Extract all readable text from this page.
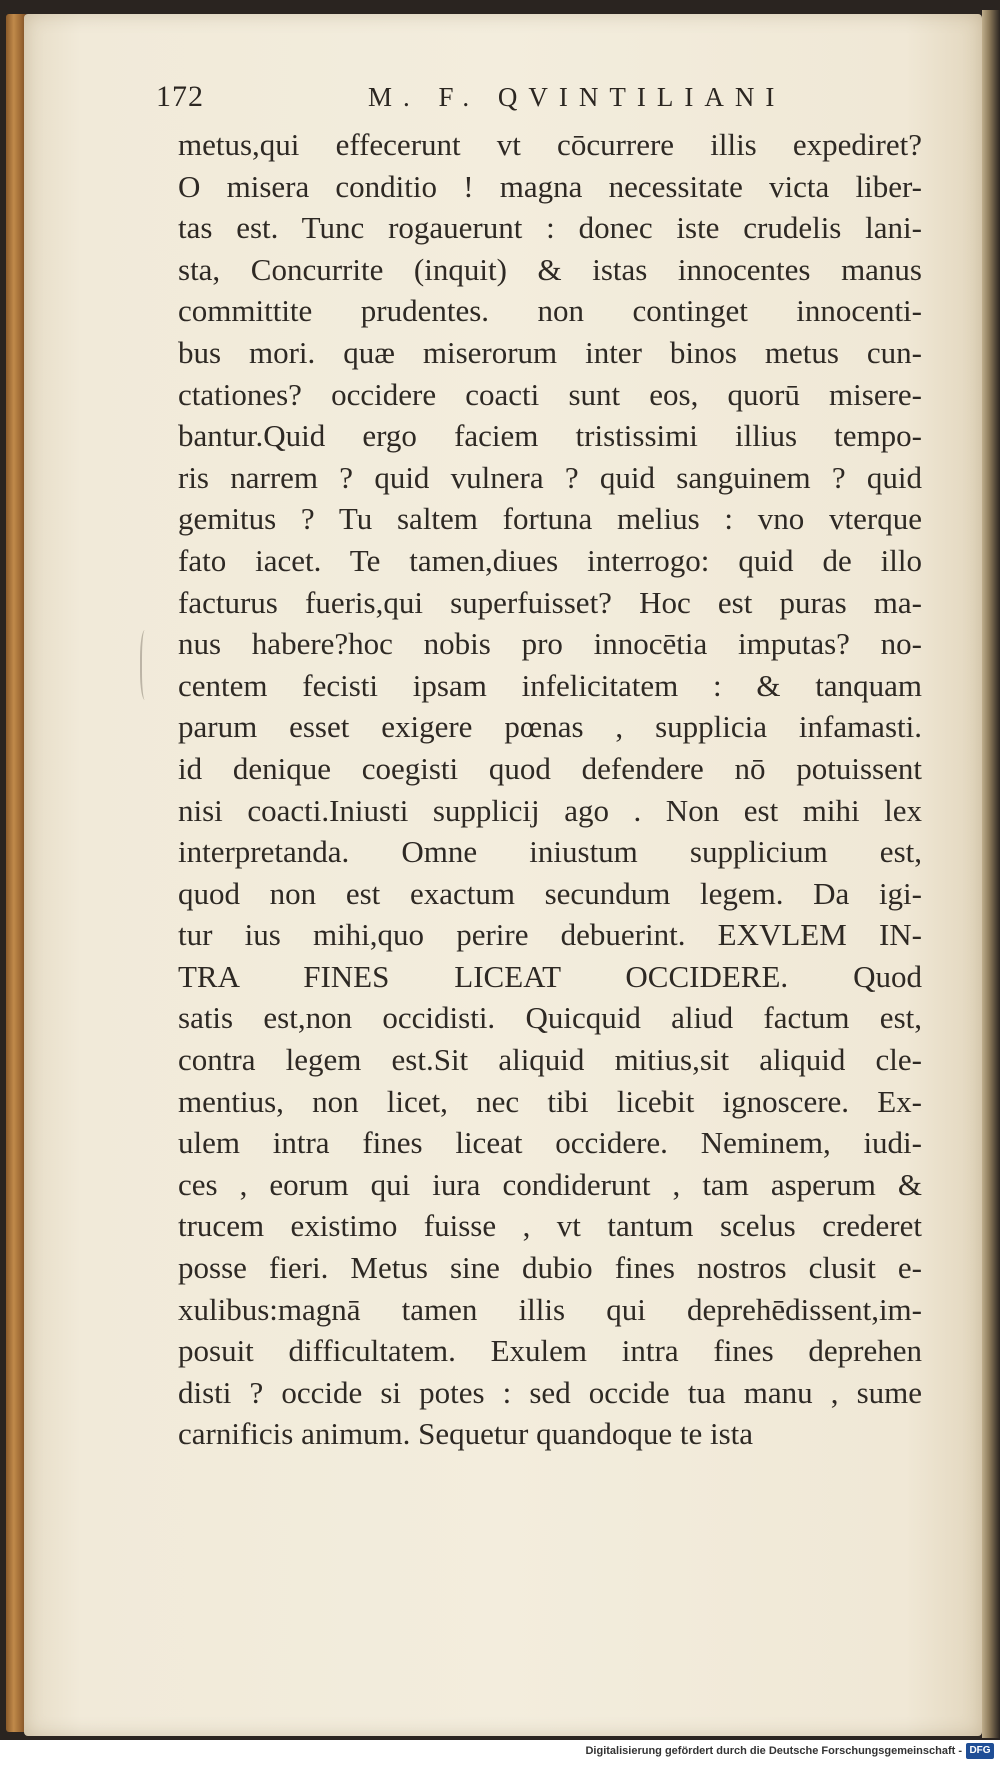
172	M. F. QVINTILIANI
metus,qui effecerunt vt cōcurrere illis expediret?
O misera conditio ! magna necessitate victa liber-
tas est. Tunc rogauerunt : donec iste crudelis lani-
sta, Concurrite (inquit) & istas innocentes manus
committite prudentes. non continget innocenti-
bus mori. quæ miserorum inter binos metus cun-
ctationes? occidere coacti sunt eos, quorū misere-
bantur.Quid ergo faciem tristissimi illius tempo-
ris narrem ? quid vulnera ? quid sanguinem ? quid
gemitus ? Tu saltem fortuna melius : vno vterque
fato iacet. Te tamen,diues interrogo: quid de illo
facturus fueris,qui superfuisset? Hoc est puras ma-
nus habere?hoc nobis pro innocētia imputas? no-
centem fecisti ipsam infelicitatem : & tanquam
parum esset exigere pœnas , supplicia infamasti.
id denique coegisti quod defendere nō potuissent
nisi coacti.Iniusti supplicij ago . Non est mihi lex
interpretanda. Omne iniustum supplicium est,
quod non est exactum secundum legem. Da igi-
tur ius mihi,quo perire debuerint. EXVLEM IN-
TRA FINES LICEAT OCCIDERE. Quod
satis est,non occidisti. Quicquid aliud factum est,
contra legem est.Sit aliquid mitius,sit aliquid cle-
mentius, non licet, nec tibi licebit ignoscere. Ex-
ulem intra fines liceat occidere. Neminem, iudi-
ces , eorum qui iura condiderunt , tam asperum &
trucem existimo fuisse , vt tantum scelus crederet
posse fieri. Metus sine dubio fines nostros clusit e-
xulibus:magnā tamen illis qui deprehēdissent,im-
posuit difficultatem. Exulem intra fines deprehen
disti ? occide si potes : sed occide tua manu , sume
carnificis animum. Sequetur quandoque te ista
Digitalisierung gefördert durch die Deutsche Forschungsgemeinschaft - DFG
